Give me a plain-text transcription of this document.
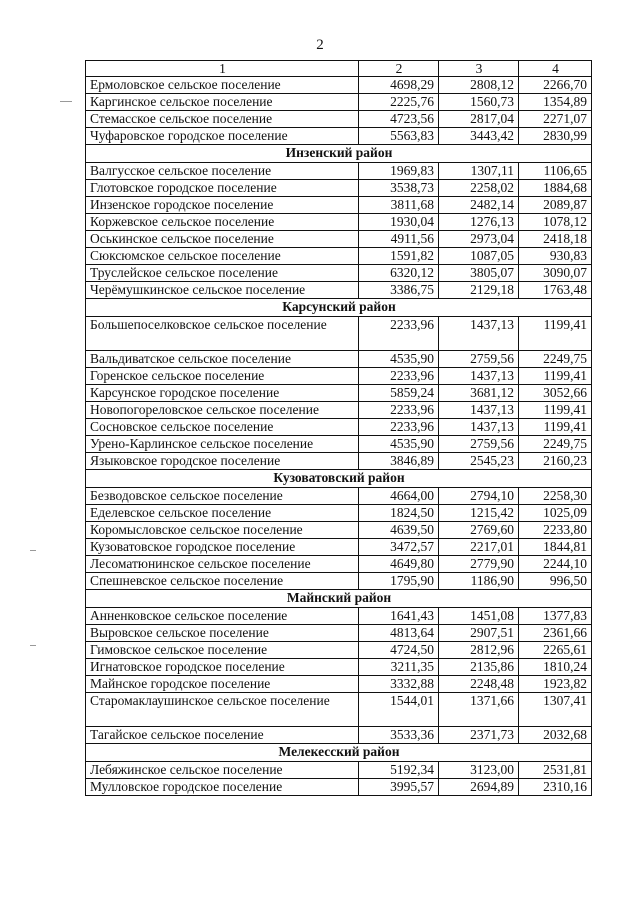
2
1	2	3	4
Ермоловское сельское поселение	4698,29	2808,12	2266,70
Каргинское сельское поселение	2225,76	1560,73	1354,89
Стемасское сельское поселение	4723,56	2817,04	2271,07
Чуфаровское городское поселение	5563,83	3443,42	2830,99
Инзенский район			
Валгусское сельское поселение	1969,83	1307,11	1106,65
Глотовское городское поселение	3538,73	2258,02	1884,68
Инзенское городское поселение	3811,68	2482,14	2089,87
Коржевское сельское поселение	1930,04	1276,13	1078,12
Оськинское сельское поселение	4911,56	2973,04	2418,18
Сюксюмское сельское поселение	1591,82	1087,05	930,83
Труслейское сельское поселение	6320,12	3805,07	3090,07
Черёмушкинское сельское поселение	3386,75	2129,18	1763,48
Карсунский район			
Большепоселковское сельское поселение	2233,96	1437,13	1199,41
Вальдиватское сельское поселение	4535,90	2759,56	2249,75
Горенское сельское поселение	2233,96	1437,13	1199,41
Карсунское городское поселение	5859,24	3681,12	3052,66
Новопогореловское сельское поселение	2233,96	1437,13	1199,41
Сосновское сельское поселение	2233,96	1437,13	1199,41
Урено-Карлинское сельское поселение	4535,90	2759,56	2249,75
Языковское городское поселение	3846,89	2545,23	2160,23
Кузоватовский район			
Безводовское сельское поселение	4664,00	2794,10	2258,30
Еделевское сельское поселение	1824,50	1215,42	1025,09
Коромысловское сельское поселение	4639,50	2769,60	2233,80
Кузоватовское городское поселение	3472,57	2217,01	1844,81
Лесоматюнинское сельское поселение	4649,80	2779,90	2244,10
Спешневское сельское поселение	1795,90	1186,90	996,50
Майнский район			
Анненковское сельское поселение	1641,43	1451,08	1377,83
Выровское сельское поселение	4813,64	2907,51	2361,66
Гимовское сельское поселение	4724,50	2812,96	2265,61
Игнатовское городское поселение	3211,35	2135,86	1810,24
Майнское городское поселение	3332,88	2248,48	1923,82
Старомаклаушинское сельское поселение	1544,01	1371,66	1307,41
Тагайское сельское поселение	3533,36	2371,73	2032,68
Мелекесский район			
Лебяжинское сельское поселение	5192,34	3123,00	2531,81
Мулловское городское поселение	3995,57	2694,89	2310,16
